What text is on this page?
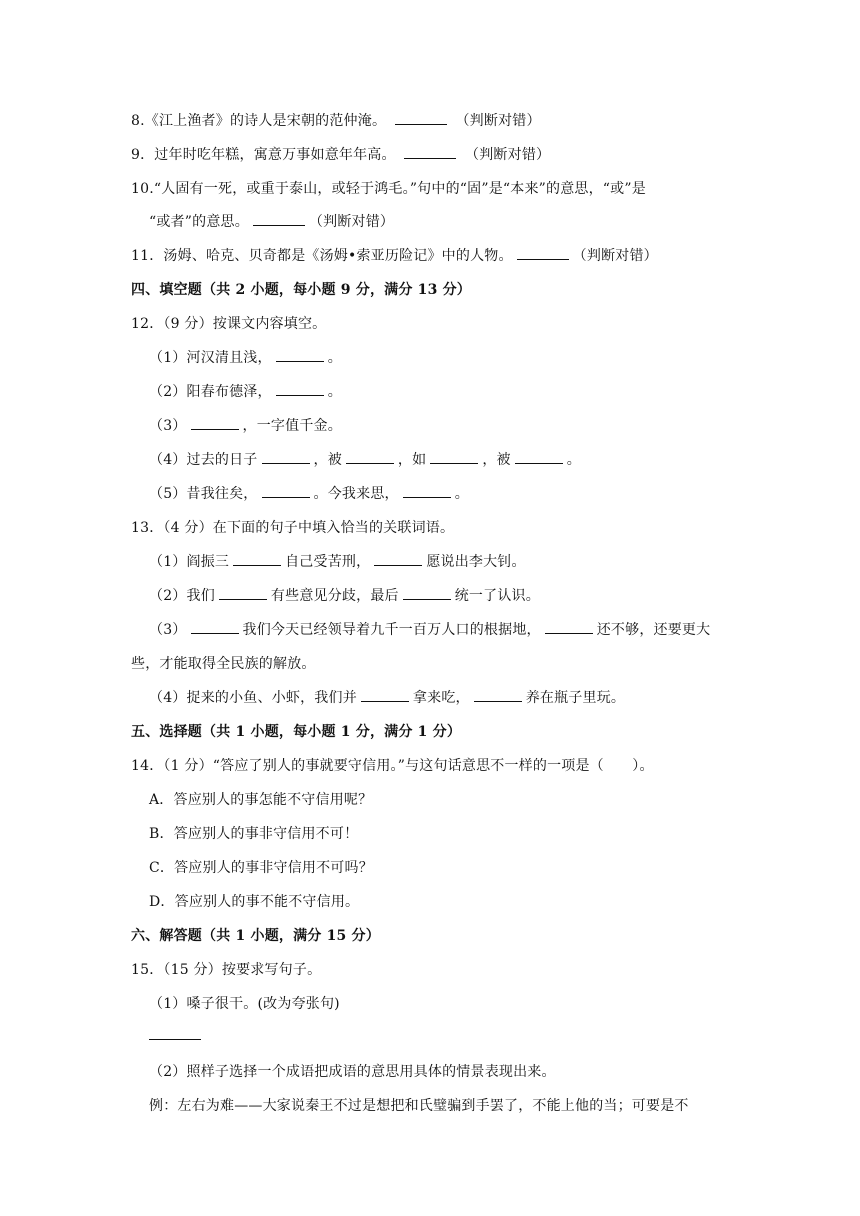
8.《江上渔者》的诗人是宋朝的范仲淹。	（判断对错）
9．过年时吃年糕，寓意万事如意年年高。	（判断对错）
10.“人固有一死，或重于泰山，或轻于鸿毛。”句中的“固”是“本来”的意思，“或”是
“或者”的意思。	（判断对错）
11．汤姆、哈克、贝奇都是《汤姆•索亚历险记》中的人物。	（判断对错）
四、填空题（共 2 小题，每小题 9 分，满分 13 分）
12．（9 分）按课文内容填空。
（1）河汉清且浅，	。
（2）阳春布德泽，	。
（3）	，一字值千金。
（4）过去的日子	，被	，如	，被	。
（5）昔我往矣，	。今我来思，	。
13．（4 分）在下面的句子中填入恰当的关联词语。
（1）阎振三	自己受苦刑，	愿说出李大钊。
（2）我们	有些意见分歧，最后	统一了认识。
（3）	我们今天已经领导着九千一百万人口的根据地，	还不够，还要更大
些，才能取得全民族的解放。
（4）捉来的小鱼、小虾，我们并	拿来吃，	养在瓶子里玩。
五、选择题（共 1 小题，每小题 1 分，满分 1 分）
14．（1 分）“答应了别人的事就要守信用。”与这句话意思不一样的一项是（　　）。
A．答应别人的事怎能不守信用呢？
B．答应别人的事非守信用不可！
C．答应别人的事非守信用不可吗？
D．答应别人的事不能不守信用。
六、解答题（共 1 小题，满分 15 分）
15．（15 分）按要求写句子。
（1）嗓子很干。(改为夸张句)
（2）照样子选择一个成语把成语的意思用具体的情景表现出来。
例：左右为难——大家说秦王不过是想把和氏璧骗到手罢了，不能上他的当；可要是不
